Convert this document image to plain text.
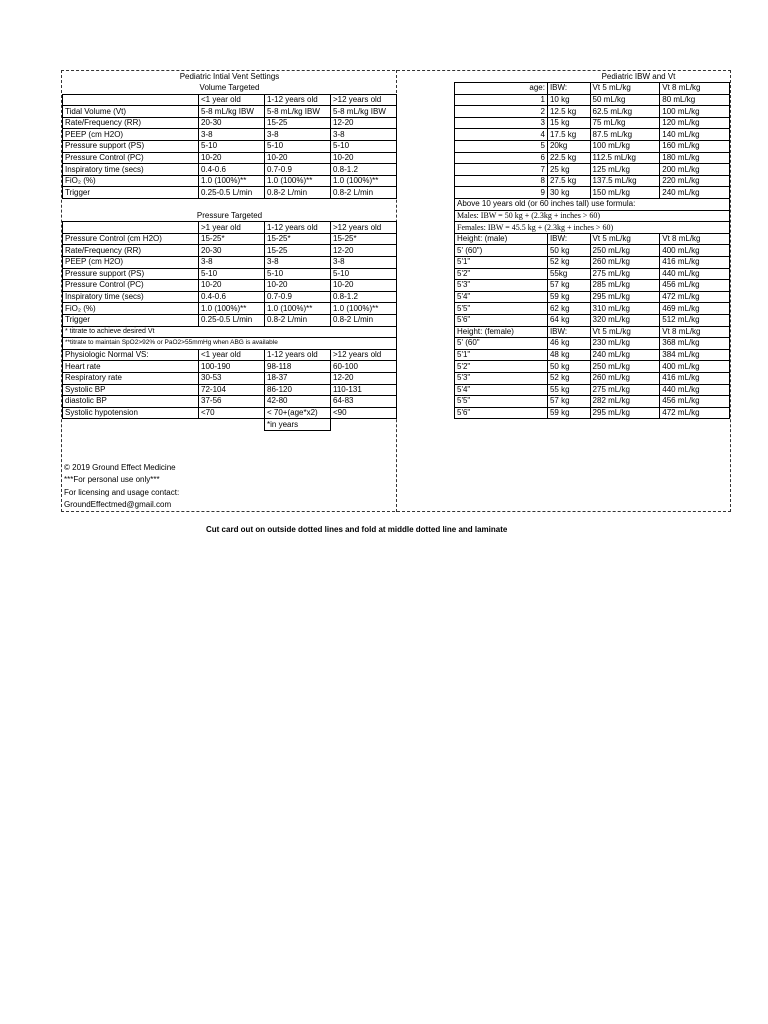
Pediatric Intial Vent Settings			
Volume Targeted			
	<1 year old	1-12 years old	>12 years old
Tidal Volume (Vt)	5-8 mL/kg IBW	5-8 mL/kg IBW	5-8 mL/kg IBW
Rate/Frequency (RR)	20-30	15-25	12-20
PEEP (cm H2O)	3-8	3-8	3-8
Pressure support (PS)	5-10	5-10	5-10
Pressure Control (PC)	10-20	10-20	10-20
Inspiratory time (secs)	0.4-0.6	0.7-0.9	0.8-1.2
FiO₂ (%)	1.0 (100%)**	1.0 (100%)**	1.0 (100%)**
Trigger	0.25-0.5 L/min	0.8-2 L/min	0.8-2 L/min

Pressure Targeted			
	>1 year old	1-12 years old	>12 years old
Pressure Control (cm H2O)	15-25*	15-25*	15-25*
Rate/Frequency (RR)	20-30	15-25	12-20
PEEP (cm H2O)	3-8	3-8	3-8
Pressure support (PS)	5-10	5-10	5-10
Pressure Control (PC)	10-20	10-20	10-20
Inspiratory time (secs)	0.4-0.6	0.7-0.9	0.8-1.2
FiO₂ (%)	1.0 (100%)**	1.0 (100%)**	1.0 (100%)**
Trigger	0.25-0.5 L/min	0.8-2 L/min	0.8-2 L/min
* titrate to achieve desired Vt			
**titrate to maintain SpO2>92% or PaO2>55mmHg when ABG is available			
Physiologic Normal VS:	<1 year old	1-12 years old	>12 years old
Heart rate	100-190	98-118	60-100
Respiratory rate	30-53	18-37	12-20
Systolic BP	72-104	86-120	110-131
diastolic BP	37-56	42-80	64-83
Systolic hypotension	<70	< 70+(age*x2)	<90
		*in years	
© 2019 Ground Effect Medicine
***For personal use only***
For licensing and usage contact:
GroundEffectmed@gmail.com
	Pediatric IBW and Vt		
age:	IBW:	Vt 5 mL/kg	Vt 8 mL/kg
1	10 kg	50 mL/kg	80 mL/kg
2	12.5 kg	62.5 mL/kg	100 mL/kg
3	15 kg	75 mL/kg	120 mL/kg
4	17.5 kg	87.5 mL/kg	140 mL/kg
5	20kg	100 mL/kg	160 mL/kg
6	22.5 kg	112.5 mL/kg	180 mL/kg
7	25 kg	125 mL/kg	200 mL/kg
8	27.5 kg	137.5 mL/kg	220 mL/kg
9	30 kg	150 mL/kg	240 mL/kg
Above 10 years old (or 60 inches tall) use formula:			
Males: IBW = 50 kg + (2.3kg + inches > 60)			
Females: IBW = 45.5 kg + (2.3kg + inches > 60)			
Height: (male)	IBW:	Vt 5 mL/kg	Vt 8 mL/kg
5' (60")	50 kg	250 mL/kg	400 mL/kg
5'1"	52 kg	260 mL/kg	416 mL/kg
5'2"	55kg	275 mL/kg	440 mL/kg
5'3"	57 kg	285 mL/kg	456 mL/kg
5'4"	59 kg	295 mL/kg	472 mL/kg
5'5"	62 kg	310 mL/kg	469 mL/kg
5'6"	64 kg	320 mL/kg	512 mL/kg
Height: (female)	IBW:	Vt 5 mL/kg	Vt 8 mL/kg
5' (60"	46 kg	230 mL/kg	368 mL/kg
5'1"	48 kg	240 mL/kg	384 mL/kg
5'2"	50 kg	250 mL/kg	400 mL/kg
5'3"	52 kg	260 mL/kg	416 mL/kg
5'4"	55 kg	275 mL/kg	440 mL/kg
5'5"	57 kg	282 mL/kg	456 mL/kg
5'6"	59 kg	295 mL/kg	472 mL/kg
Cut card out on outside dotted lines and fold at middle dotted line and laminate
